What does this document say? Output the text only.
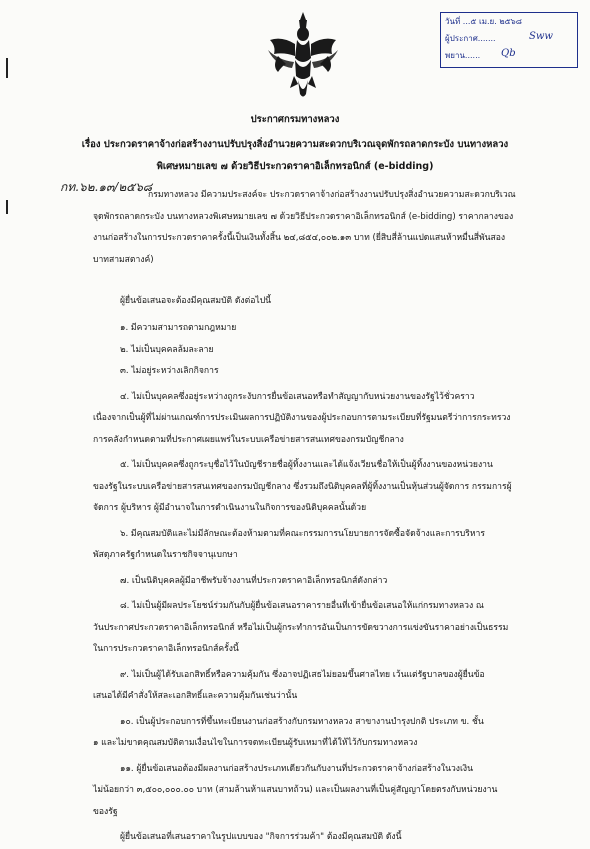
วันที่ ...๕ เม.ย. ๒๕๖๘
ผู้ประกาศ.......	Sww
พยาน...... Qb
ประกาศกรมทางหลวง
เรื่อง ประกวดราคาจ้างก่อสร้างงานปรับปรุงสิ่งอำนวยความสะดวกบริเวณจุดพักรถลาดกระบัง บนทางหลวง
พิเศษหมายเลข ๗ ด้วยวิธีประกวดราคาอิเล็กทรอนิกส์ (e-bidding)
กท.๖๒.๑๓/๒๕๖๘
กรมทางหลวง มีความประสงค์จะ ประกวดราคาจ้างก่อสร้างงานปรับปรุงสิ่งอำนวยความสะดวกบริเวณ
จุดพักรถลาดกระบัง บนทางหลวงพิเศษหมายเลข ๗ ด้วยวิธีประกวดราคาอิเล็กทรอนิกส์ (e-bidding) ราคากลางของ
งานก่อสร้างในการประกวดราคาครั้งนี้เป็นเงินทั้งสิ้น ๒๔,๘๕๔,๐๐๒.๑๓ บาท (ยี่สิบสี่ล้านแปดแสนห้าหมื่นสี่พันสอง
บาทสามสตางค์)
ผู้ยื่นข้อเสนอจะต้องมีคุณสมบัติ ดังต่อไปนี้
๑. มีความสามารถตามกฎหมาย
๒. ไม่เป็นบุคคลล้มละลาย
๓. ไม่อยู่ระหว่างเลิกกิจการ
๔. ไม่เป็นบุคคลซึ่งอยู่ระหว่างถูกระงับการยื่นข้อเสนอหรือทำสัญญากับหน่วยงานของรัฐไว้ชั่วคราว
เนื่องจากเป็นผู้ที่ไม่ผ่านเกณฑ์การประเมินผลการปฏิบัติงานของผู้ประกอบการตามระเบียบที่รัฐมนตรีว่าการกระทรวง
การคลังกำหนดตามที่ประกาศเผยแพร่ในระบบเครือข่ายสารสนเทศของกรมบัญชีกลาง
๕. ไม่เป็นบุคคลซึ่งถูกระบุชื่อไว้ในบัญชีรายชื่อผู้ทิ้งงานและได้แจ้งเวียนชื่อให้เป็นผู้ทิ้งงานของหน่วยงาน
ของรัฐในระบบเครือข่ายสารสนเทศของกรมบัญชีกลาง ซึ่งรวมถึงนิติบุคคลที่ผู้ทิ้งงานเป็นหุ้นส่วนผู้จัดการ กรรมการผู้
จัดการ ผู้บริหาร ผู้มีอำนาจในการดำเนินงานในกิจการของนิติบุคคลนั้นด้วย
๖. มีคุณสมบัติและไม่มีลักษณะต้องห้ามตามที่คณะกรรมการนโยบายการจัดซื้อจัดจ้างและการบริหาร
พัสดุภาครัฐกำหนดในราชกิจจานุเบกษา
๗. เป็นนิติบุคคลผู้มีอาชีพรับจ้างงานที่ประกวดราคาอิเล็กทรอนิกส์ดังกล่าว
๘. ไม่เป็นผู้มีผลประโยชน์ร่วมกันกับผู้ยื่นข้อเสนอราคารายอื่นที่เข้ายื่นข้อเสนอให้แก่กรมทางหลวง ณ
วันประกาศประกวดราคาอิเล็กทรอนิกส์ หรือไม่เป็นผู้กระทำการอันเป็นการขัดขวางการแข่งขันราคาอย่างเป็นธรรม
ในการประกวดราคาอิเล็กทรอนิกส์ครั้งนี้
๙. ไม่เป็นผู้ได้รับเอกสิทธิ์หรือความคุ้มกัน ซึ่งอาจปฏิเสธไม่ยอมขึ้นศาลไทย เว้นแต่รัฐบาลของผู้ยื่นข้อ
เสนอได้มีคำสั่งให้สละเอกสิทธิ์และความคุ้มกันเช่นว่านั้น
๑๐. เป็นผู้ประกอบการที่ขึ้นทะเบียนงานก่อสร้างกับกรมทางหลวง สาขางานบำรุงปกติ ประเภท ข. ชั้น
๑ และไม่ขาดคุณสมบัติตามเงื่อนไขในการจดทะเบียนผู้รับเหมาที่ได้ให้ไว้กับกรมทางหลวง
๑๑. ผู้ยื่นข้อเสนอต้องมีผลงานก่อสร้างประเภทเดียวกันกับงานที่ประกวดราคาจ้างก่อสร้างในวงเงิน
ไม่น้อยกว่า ๓,๕๐๐,๐๐๐.๐๐ บาท (สามล้านห้าแสนบาทถ้วน) และเป็นผลงานที่เป็นคู่สัญญาโดยตรงกับหน่วยงาน
ของรัฐ
ผู้ยื่นข้อเสนอที่เสนอราคาในรูปแบบของ "กิจการร่วมค้า" ต้องมีคุณสมบัติ ดังนี้
